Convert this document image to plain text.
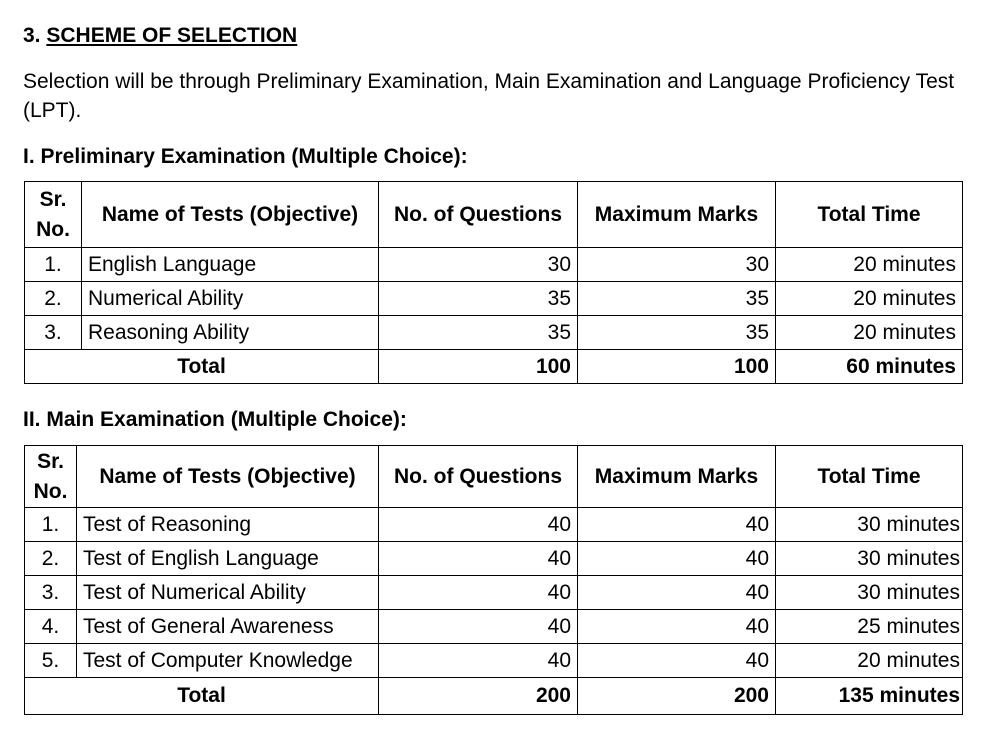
3. SCHEME OF SELECTION
Selection will be through Preliminary Examination, Main Examination and Language Proficiency Test (LPT).
I. Preliminary Examination (Multiple Choice):
Sr. No.	Name of Tests (Objective)	No. of Questions	Maximum Marks	Total Time
1.	English Language	30	30	20 minutes
2.	Numerical Ability	35	35	20 minutes
3.	Reasoning Ability	35	35	20 minutes
Total		100	100	60 minutes
II. Main Examination (Multiple Choice):
Sr. No.	Name of Tests (Objective)	No. of Questions	Maximum Marks	Total Time
1.	Test of Reasoning	40	40	30 minutes
2.	Test of English Language	40	40	30 minutes
3.	Test of Numerical Ability	40	40	30 minutes
4.	Test of General Awareness	40	40	25 minutes
5.	Test of Computer Knowledge	40	40	20 minutes
Total		200	200	135 minutes
